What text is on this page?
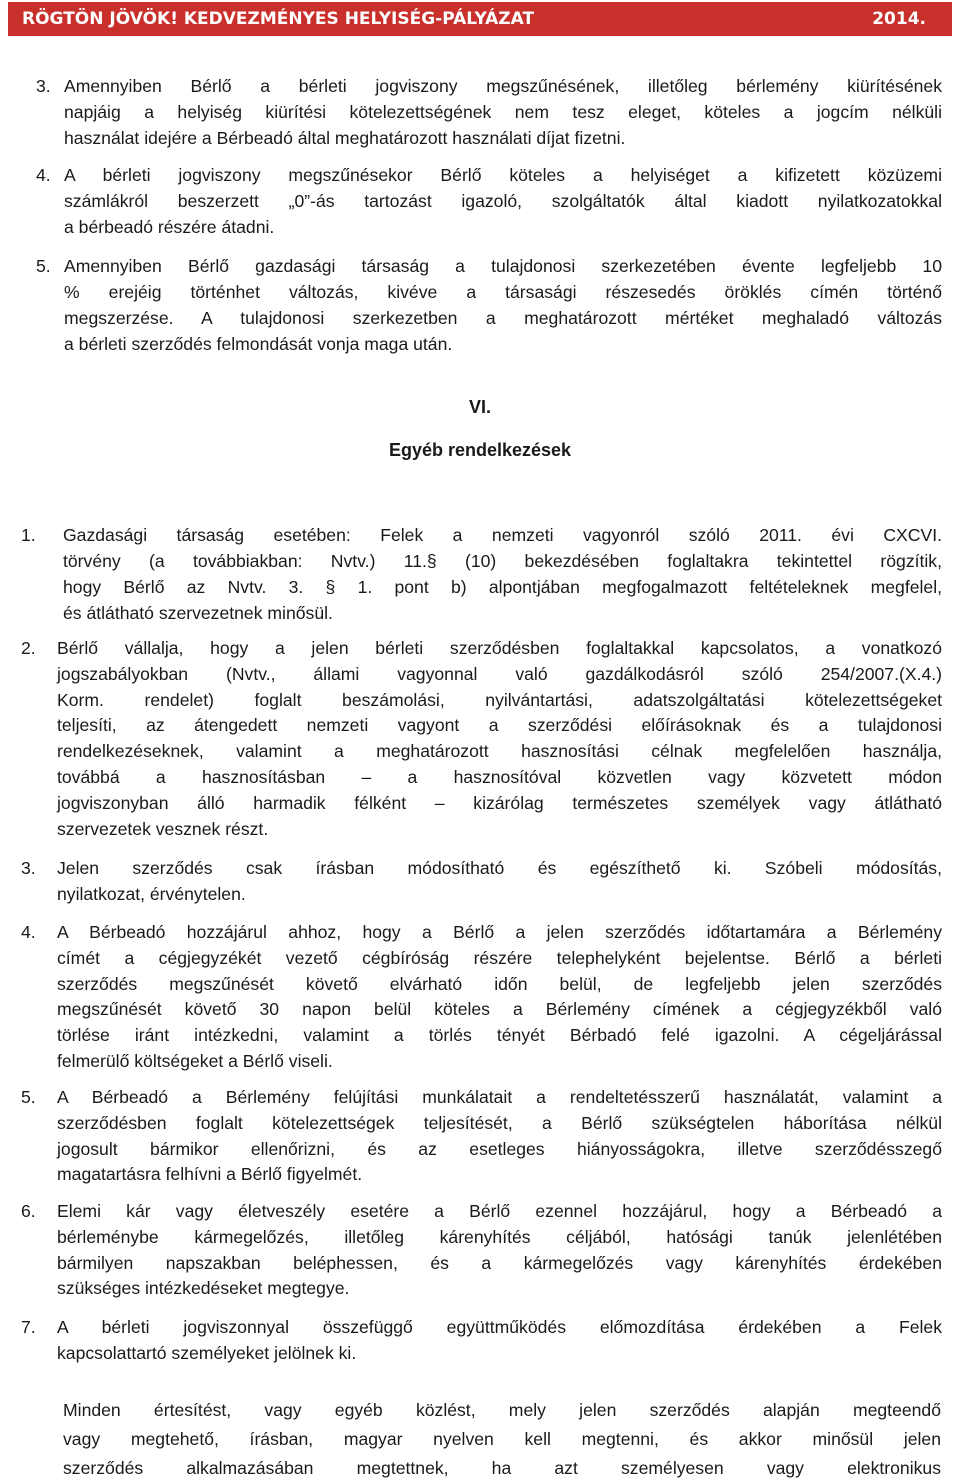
RÖGTÖN JÖVÖK! KEDVEZMÉNYES HELYISÉG-PÁLYÁZAT	2014.
3. Amennyiben Bérlő a bérleti jogviszony megszűnésének, illetőleg bérlemény kiürítésének
napjáig a helyiség kiürítési kötelezettségének nem tesz eleget, köteles a jogcím nélküli
használat idejére a Bérbeadó által meghatározott használati díjat fizetni.
4. A bérleti jogviszony megszűnésekor Bérlő köteles a helyiséget a kifizetett közüzemi
számlákról beszerzett „0”-ás tartozást igazoló, szolgáltatók által kiadott nyilatkozatokkal
a bérbeadó részére átadni.
5. Amennyiben Bérlő gazdasági társaság a tulajdonosi szerkezetében évente legfeljebb 10
% erejéig történhet változás, kivéve a társasági részesedés öröklés címén történő
megszerzése. A tulajdonosi szerkezetben a meghatározott mértéket meghaladó változás
a bérleti szerződés felmondását vonja maga után.
VI.
Egyéb rendelkezések
1. Gazdasági társaság esetében: Felek a nemzeti vagyonról szóló 2011. évi CXCVI.
törvény (a továbbiakban: Nvtv.) 11.§ (10) bekezdésében foglaltakra tekintettel rögzítik,
hogy Bérlő az Nvtv. 3. § 1. pont b) alpontjában megfogalmazott feltételeknek megfelel,
és átlátható szervezetnek minősül.
2. Bérlő vállalja, hogy a jelen bérleti szerződésben foglaltakkal kapcsolatos, a vonatkozó
jogszabályokban (Nvtv., állami vagyonnal való gazdálkodásról szóló 254/2007.(X.4.)
Korm. rendelet) foglalt beszámolási, nyilvántartási, adatszolgáltatási kötelezettségeket
teljesíti, az átengedett nemzeti vagyont a szerződési előírásoknak és a tulajdonosi
rendelkezéseknek, valamint a meghatározott hasznosítási célnak megfelelően használja,
továbbá a hasznosításban – a hasznosítóval közvetlen vagy közvetett módon
jogviszonyban álló harmadik félként – kizárólag természetes személyek vagy átlátható
szervezetek vesznek részt.
3. Jelen szerződés csak írásban módosítható és egészíthető ki. Szóbeli módosítás,
nyilatkozat, érvénytelen.
4. A Bérbeadó hozzájárul ahhoz, hogy a Bérlő a jelen szerződés időtartamára a Bérlemény
címét a cégjegyzékét vezető cégbíróság részére telephelyként bejelentse. Bérlő a bérleti
szerződés megszűnését követő elvárható időn belül, de legfeljebb jelen szerződés
megszűnését követő 30 napon belül köteles a Bérlemény címének a cégjegyzékből való
törlése iránt intézkedni, valamint a törlés tényét Bérbadó felé igazolni. A cégeljárással
felmerülő költségeket a Bérlő viseli.
5. A Bérbeadó a Bérlemény felújítási munkálatait a rendeltetésszerű használatát, valamint a
szerződésben foglalt kötelezettségek teljesítését, a Bérlő szükségtelen háborítása nélkül
jogosult bármikor ellenőrizni, és az esetleges hiányosságokra, illetve szerződésszegő
magatartásra felhívni a Bérlő figyelmét.
6. Elemi kár vagy életveszély esetére a Bérlő ezennel hozzájárul, hogy a Bérbeadó a
bérleménybe kármegelőzés, illetőleg kárenyhítés céljából, hatósági tanúk jelenlétében
bármilyen napszakban beléphessen, és a kármegelőzés vagy kárenyhítés érdekében
szükséges intézkedéseket megtegye.
7. A bérleti jogviszonnyal összefüggő együttműködés előmozdítása érdekében a Felek
kapcsolattartó személyeket jelölnek ki.
Minden értesítést, vagy egyéb közlést, mely jelen szerződés alapján megteendő
vagy megtehető, írásban, magyar nyelven kell megtenni, és akkor minősül jelen
szerződés alkalmazásában megtettnek, ha azt személyesen vagy elektronikus
